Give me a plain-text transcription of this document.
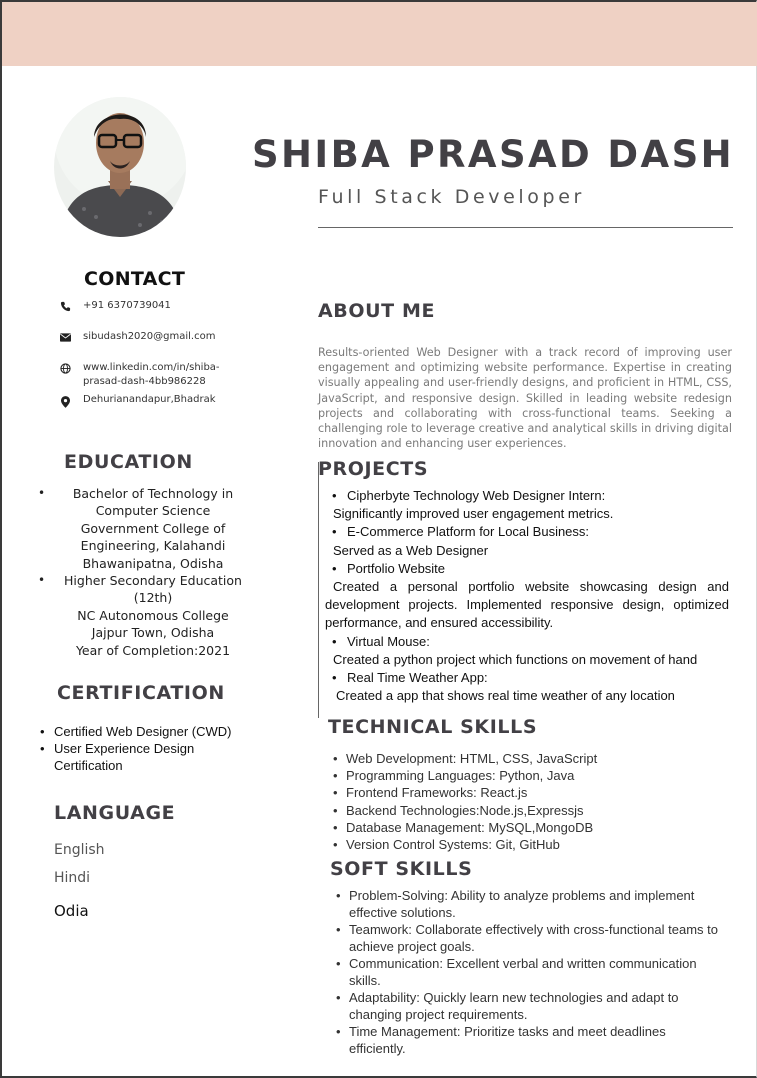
SHIBA PRASAD DASH
Full Stack Developer
CONTACT
+91 6370739041
sibudash2020@gmail.com
www.linkedin.com/in/shiba-prasad-dash-4bb986228
Dehurianandapur,Bhadrak
EDUCATION
•	Bachelor of Technology in
Computer Science
Government College of
Engineering, Kalahandi
Bhawanipatna, Odisha
•	Higher Secondary Education
(12th)
NC Autonomous College
Jajpur Town, Odisha
Year of Completion:2021
CERTIFICATION
• Certified Web Designer (CWD)
• User Experience Design Certification
LANGUAGE
English
Hindi
Odia
ABOUT ME
Results-oriented Web Designer with a track record of improving user engagement and optimizing website performance. Expertise in creating visually appealing and user-friendly designs, and proficient in HTML, CSS, JavaScript, and responsive design. Skilled in leading website redesign projects and collaborating with cross-functional teams. Seeking a challenging role to leverage creative and analytical skills in driving digital innovation and enhancing user experiences.
PROJECTS
• Cipherbyte Technology Web Designer Intern:
Significantly improved user engagement metrics.
• E-Commerce Platform for Local Business:
Served as a Web Designer
• Portfolio Website
Created a personal portfolio website showcasing design and development projects. Implemented responsive design, optimized performance, and ensured accessibility.
• Virtual Mouse:
Created a python project which functions on movement of hand
• Real Time Weather App:
Created a app that shows real time weather of any location
TECHNICAL SKILLS
• Web Development: HTML, CSS, JavaScript
• Programming Languages: Python, Java
• Frontend Frameworks: React.js
• Backend Technologies:Node.js,Expressjs
• Database Management: MySQL,MongoDB
• Version Control Systems: Git, GitHub
SOFT SKILLS
• Problem-Solving: Ability to analyze problems and implement effective solutions.
• Teamwork: Collaborate effectively with cross-functional teams to achieve project goals.
• Communication: Excellent verbal and written communication skills.
• Adaptability: Quickly learn new technologies and adapt to changing project requirements.
• Time Management: Prioritize tasks and meet deadlines efficiently.
